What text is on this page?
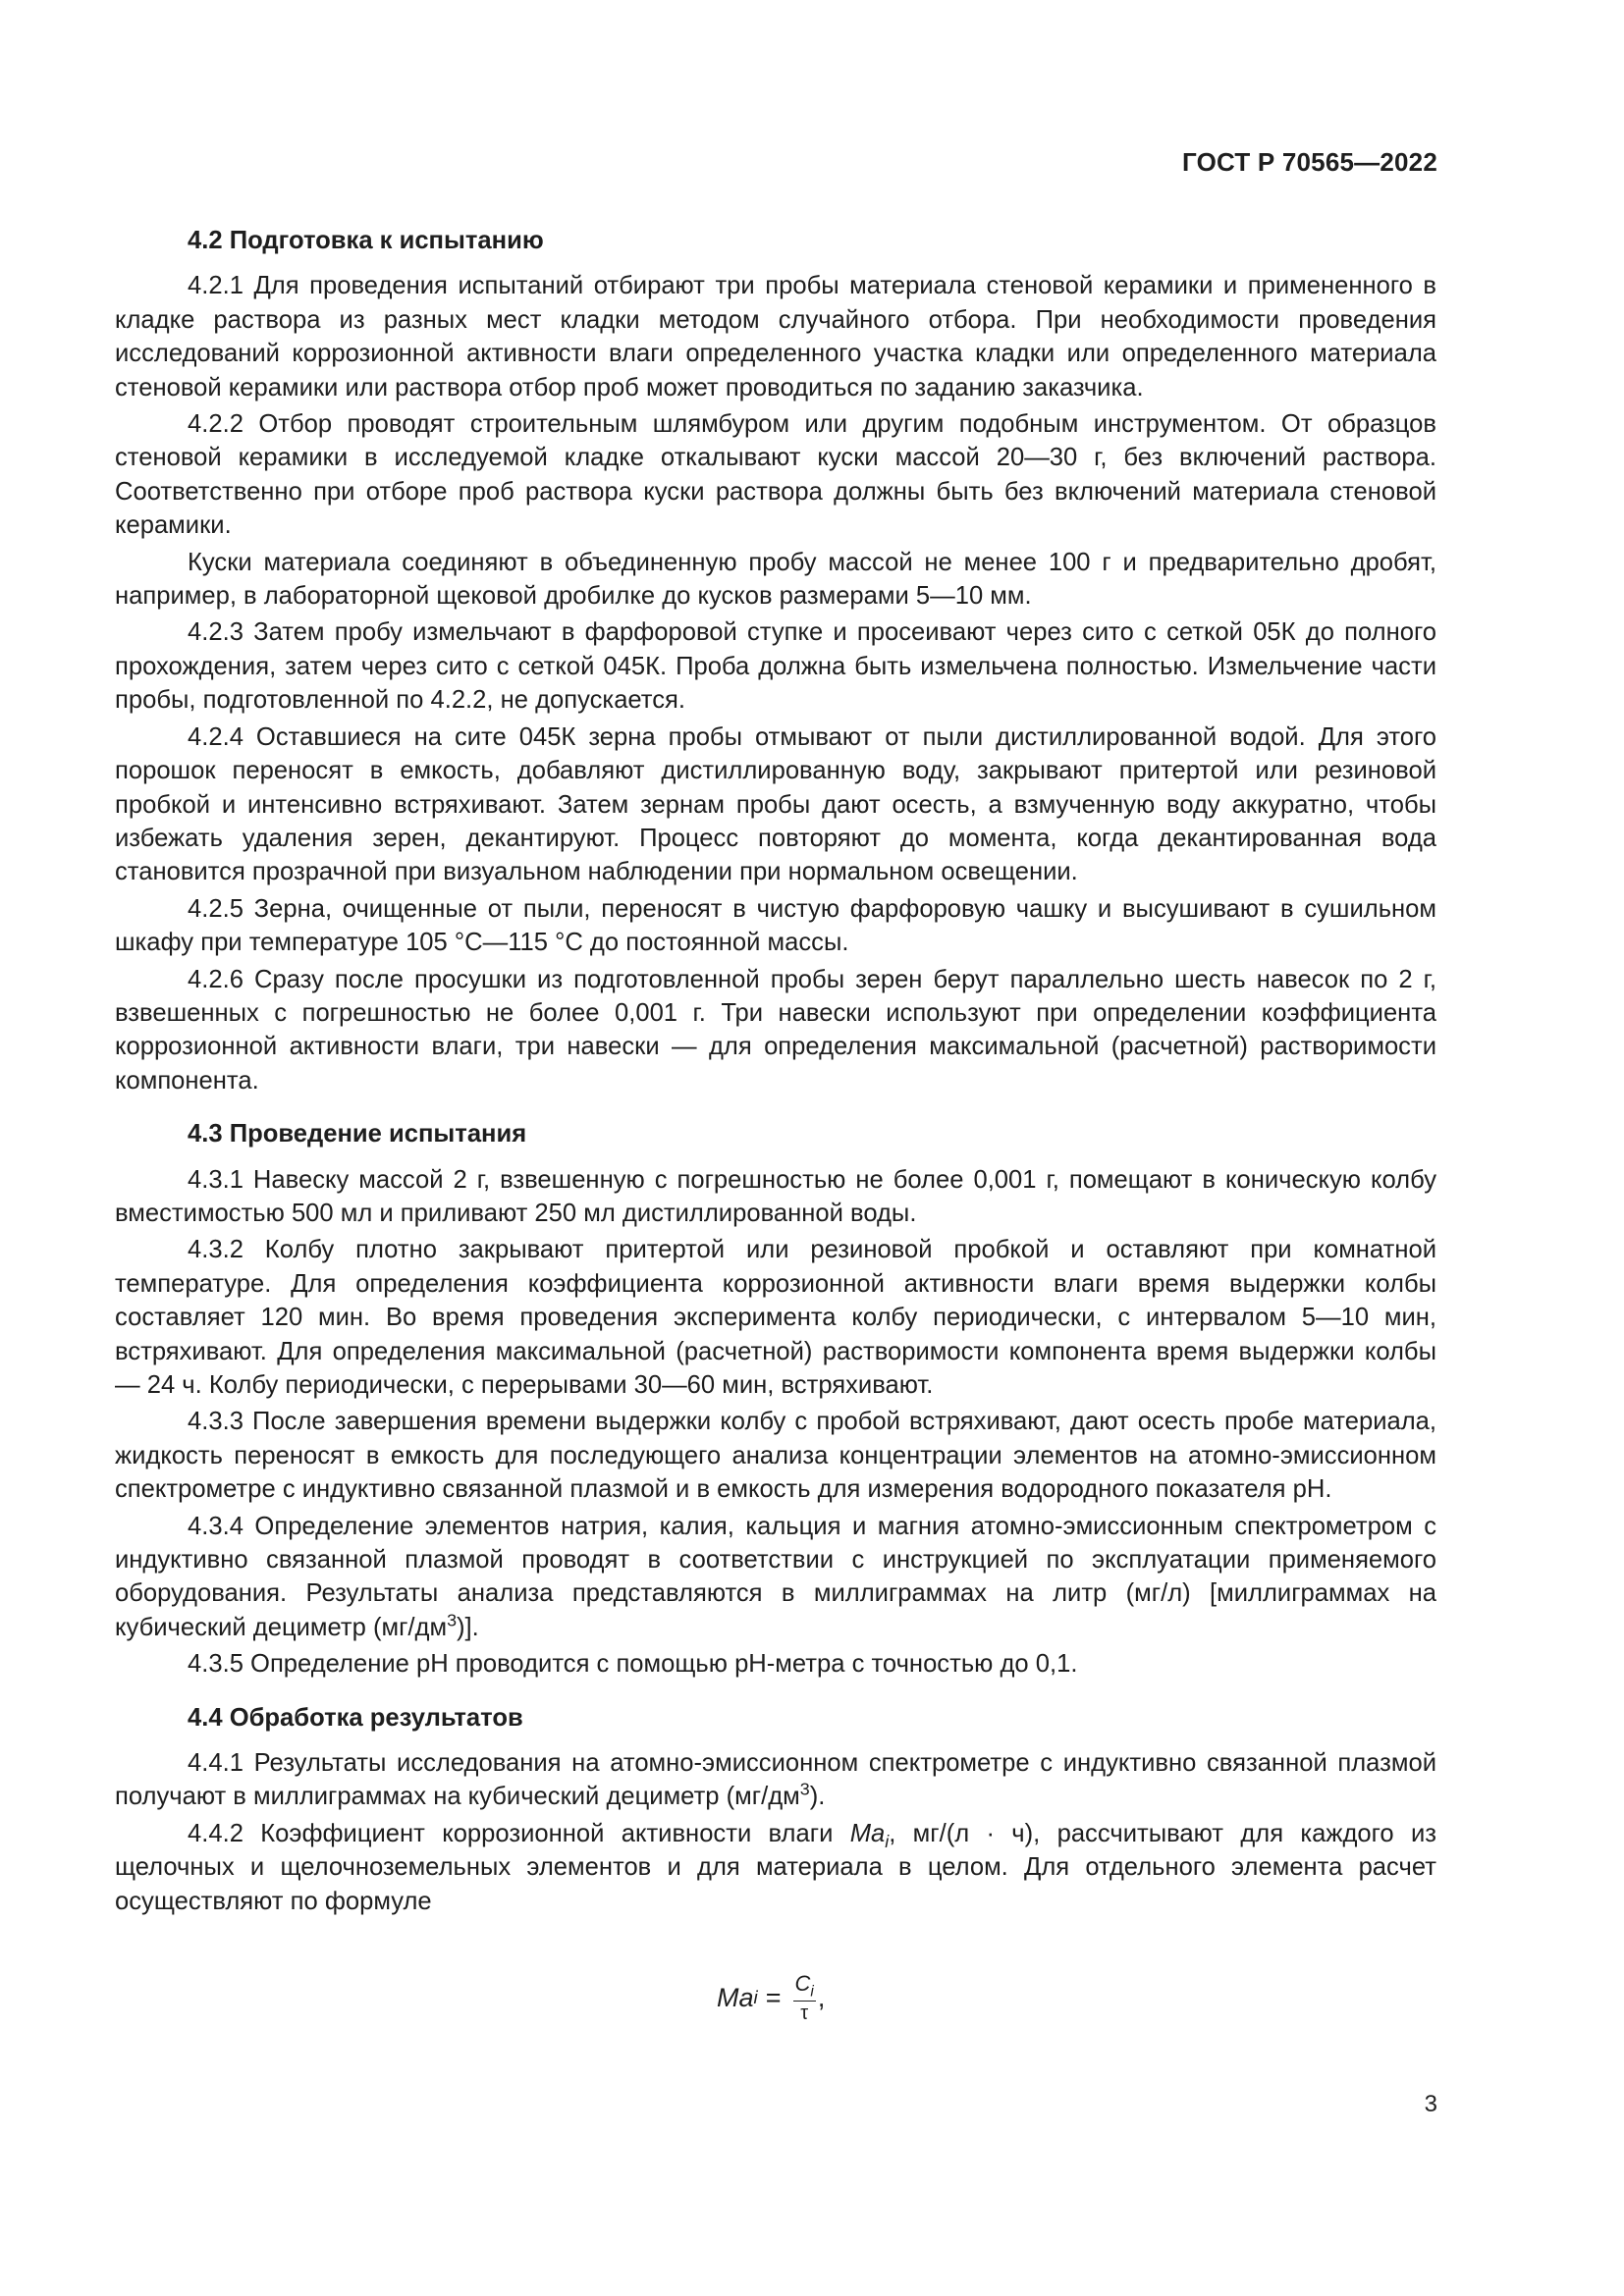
ГОСТ Р 70565—2022

4.2 Подготовка к испытанию

4.2.1 Для проведения испытаний отбирают три пробы материала стеновой керамики и примененного в кладке раствора из разных мест кладки методом случайного отбора. При необходимости проведения исследований коррозионной активности влаги определенного участка кладки или определенного материала стеновой керамики или раствора отбор проб может проводиться по заданию заказчика.

4.2.2 Отбор проводят строительным шлямбуром или другим подобным инструментом. От образцов стеновой керамики в исследуемой кладке откалывают куски массой 20—30 г, без включений раствора. Соответственно при отборе проб раствора куски раствора должны быть без включений материала стеновой керамики.

Куски материала соединяют в объединенную пробу массой не менее 100 г и предварительно дробят, например, в лабораторной щековой дробилке до кусков размерами 5—10 мм.

4.2.3 Затем пробу измельчают в фарфоровой ступке и просеивают через сито с сеткой 05К до полного прохождения, затем через сито с сеткой 045К. Проба должна быть измельчена полностью. Измельчение части пробы, подготовленной по 4.2.2, не допускается.

4.2.4 Оставшиеся на сите 045К зерна пробы отмывают от пыли дистиллированной водой. Для этого порошок переносят в емкость, добавляют дистиллированную воду, закрывают притертой или резиновой пробкой и интенсивно встряхивают. Затем зернам пробы дают осесть, а взмученную воду аккуратно, чтобы избежать удаления зерен, декантируют. Процесс повторяют до момента, когда декантированная вода становится прозрачной при визуальном наблюдении при нормальном освещении.

4.2.5 Зерна, очищенные от пыли, переносят в чистую фарфоровую чашку и высушивают в сушильном шкафу при температуре 105 °С—115 °С до постоянной массы.

4.2.6 Сразу после просушки из подготовленной пробы зерен берут параллельно шесть навесок по 2 г, взвешенных с погрешностью не более 0,001 г. Три навески используют при определении коэффициента коррозионной активности влаги, три навески — для определения максимальной (расчетной) растворимости компонента.

4.3 Проведение испытания

4.3.1 Навеску массой 2 г, взвешенную с погрешностью не более 0,001 г, помещают в коническую колбу вместимостью 500 мл и приливают 250 мл дистиллированной воды.

4.3.2 Колбу плотно закрывают притертой или резиновой пробкой и оставляют при комнатной температуре. Для определения коэффициента коррозионной активности влаги время выдержки колбы составляет 120 мин. Во время проведения эксперимента колбу периодически, с интервалом 5—10 мин, встряхивают. Для определения максимальной (расчетной) растворимости компонента время выдержки колбы — 24 ч. Колбу периодически, с перерывами 30—60 мин, встряхивают.

4.3.3 После завершения времени выдержки колбу с пробой встряхивают, дают осесть пробе материала, жидкость переносят в емкость для последующего анализа концентрации элементов на атомно-эмиссионном спектрометре с индуктивно связанной плазмой и в емкость для измерения водородного показателя рН.

4.3.4 Определение элементов натрия, калия, кальция и магния атомно-эмиссионным спектрометром с индуктивно связанной плазмой проводят в соответствии с инструкцией по эксплуатации применяемого оборудования. Результаты анализа представляются в миллиграммах на литр (мг/л) [миллиграммах на кубический дециметр $(мг/дм^3)$].

4.3.5 Определение рН проводится с помощью рН-метра с точностью до 0,1.

4.4 Обработка результатов

4.4.1 Результаты исследования на атомно-эмиссионном спектрометре с индуктивно связанной плазмой получают в миллиграммах на кубический дециметр $(мг/дм^3)$.

4.4.2 Коэффициент коррозионной активности влаги $Ma_i$, мг/(л · ч), рассчитывают для каждого из щелочных и щелочноземельных элементов и для материала в целом. Для отдельного элемента расчет осуществляют по формуле

Ma $i = \frac{C_i}{\tau}$ ,
3
